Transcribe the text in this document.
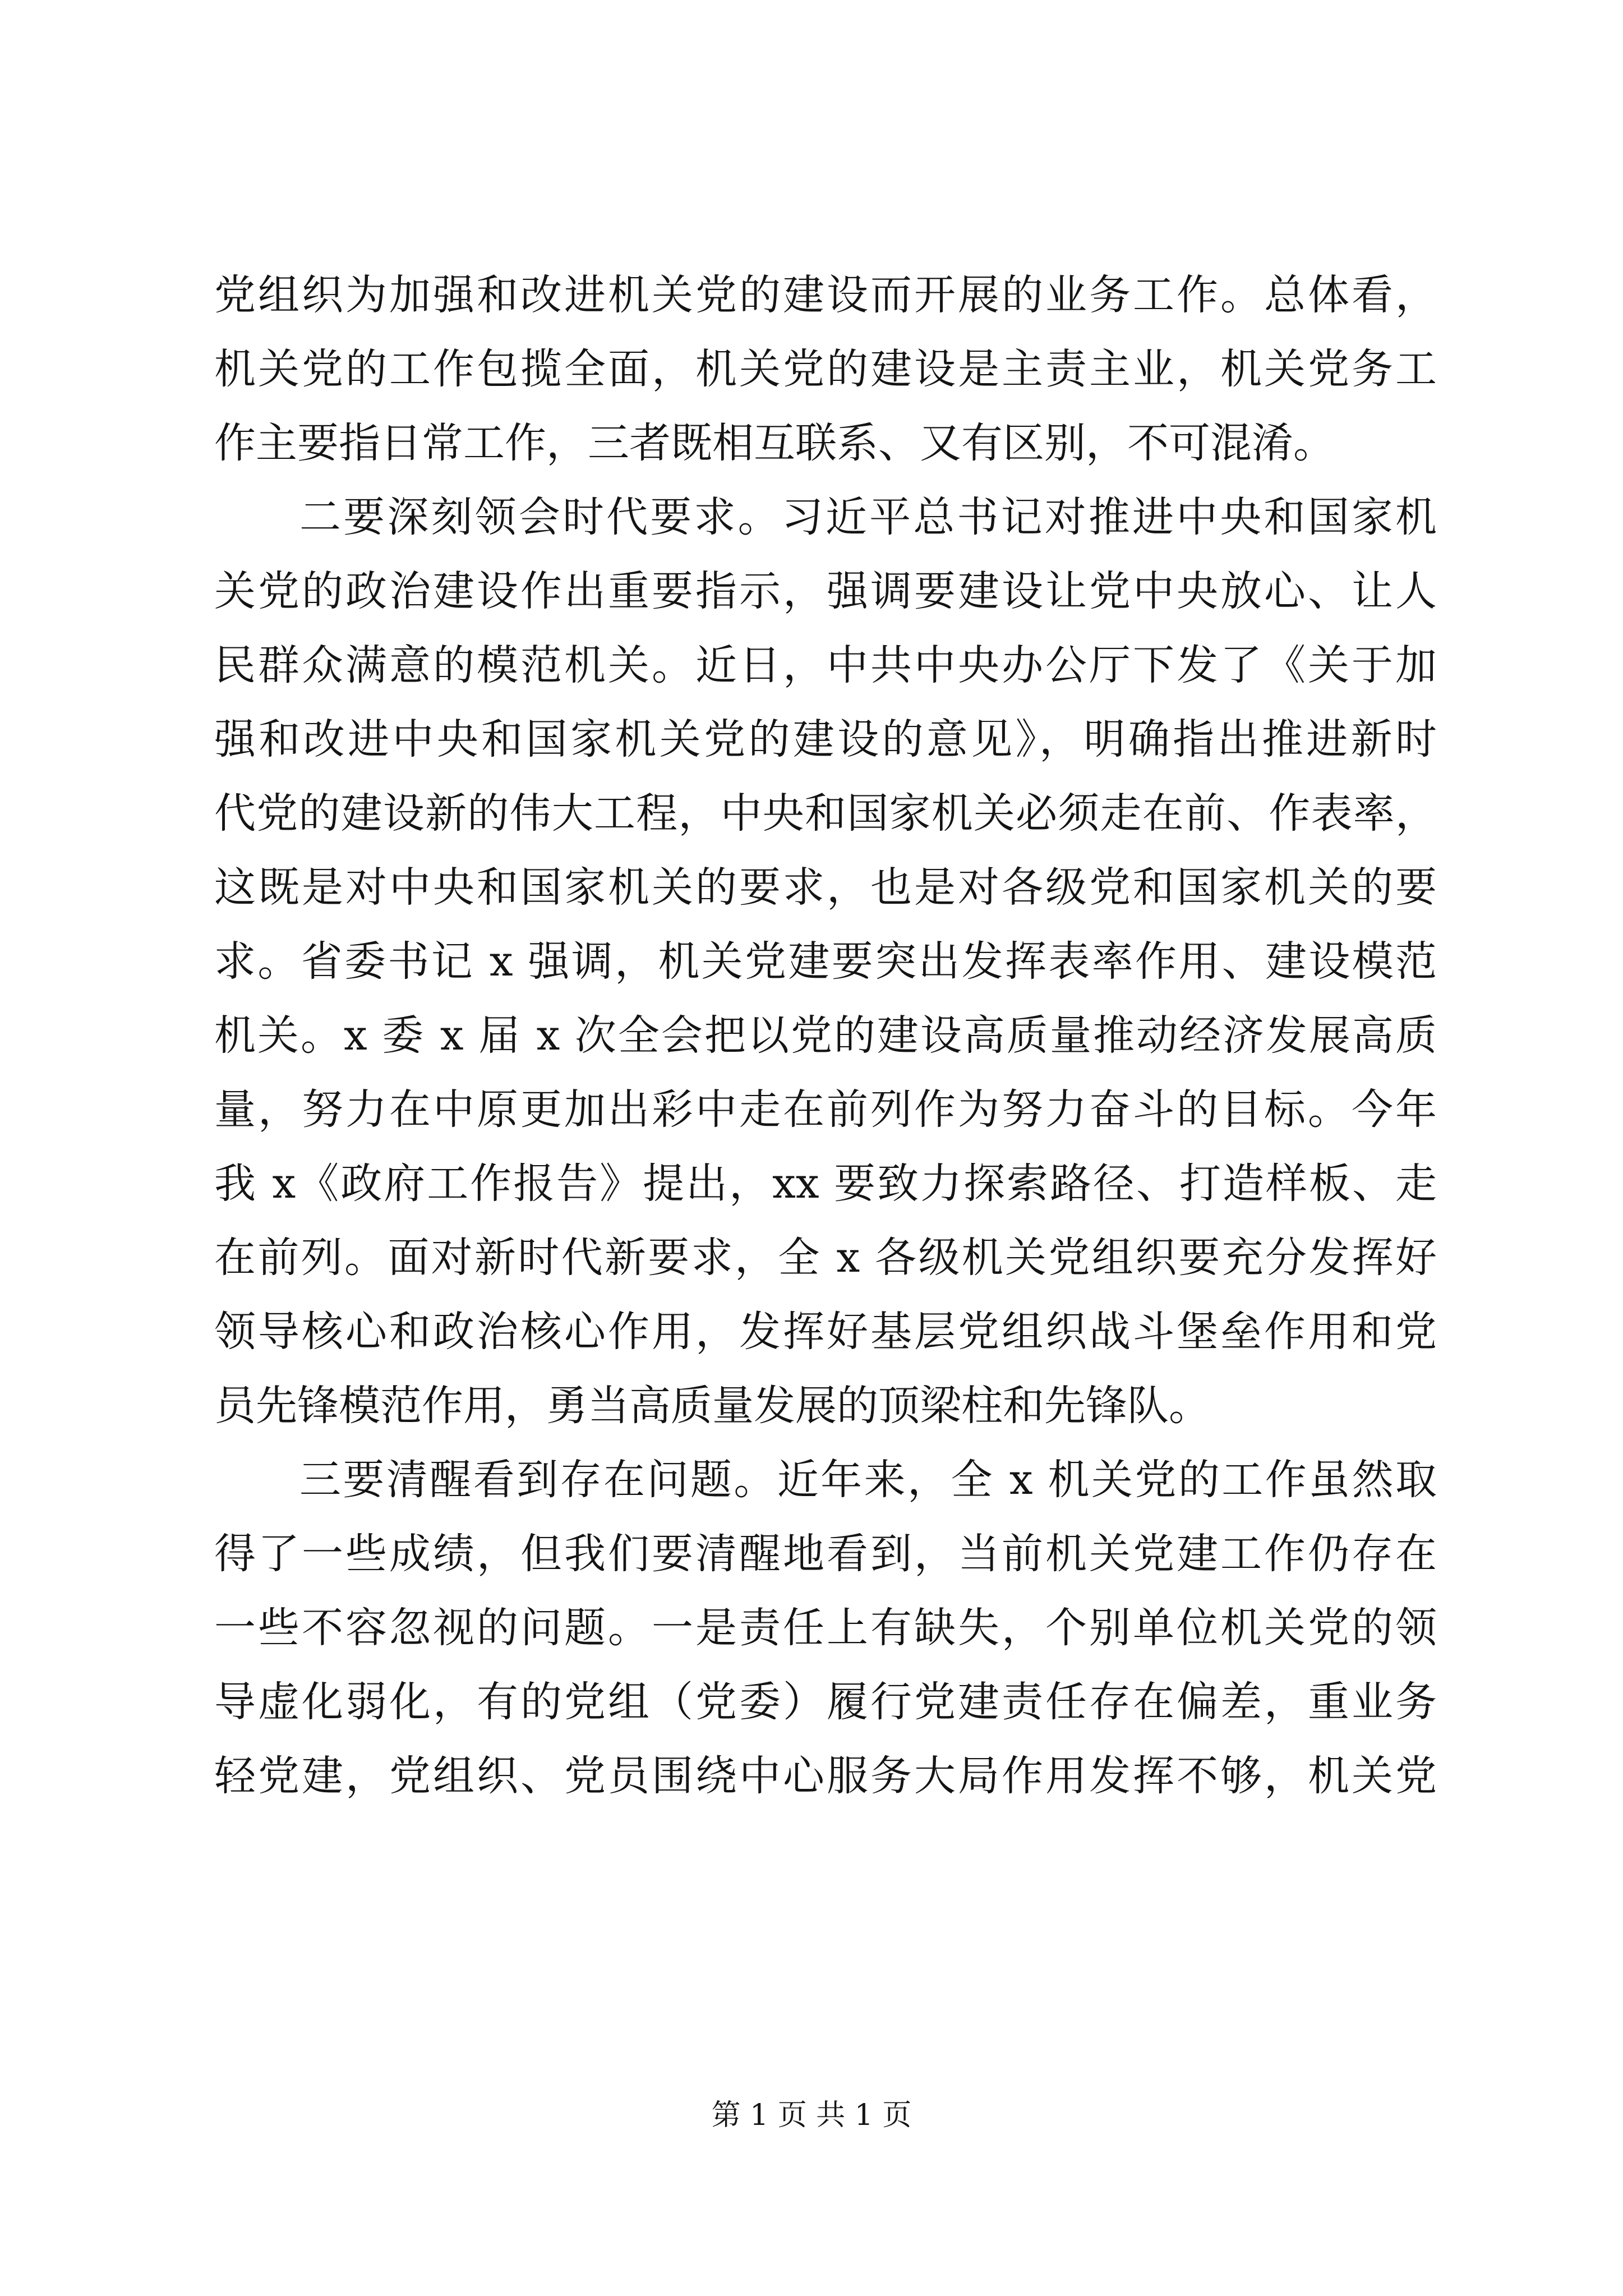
党组织为加强和改进机关党的建设而开展的业务工作。总体看，
机关党的工作包揽全面，机关党的建设是主责主业，机关党务工
作主要指日常工作，三者既相互联系、又有区别，不可混淆。
二要深刻领会时代要求。习近平总书记对推进中央和国家机
关党的政治建设作出重要指示，强调要建设让党中央放心、让人
民群众满意的模范机关。近日，中共中央办公厅下发了《关于加
强和改进中央和国家机关党的建设的意见》，明确指出推进新时
代党的建设新的伟大工程，中央和国家机关必须走在前、作表率，
这既是对中央和国家机关的要求，也是对各级党和国家机关的要
求。省委书记 x 强调，机关党建要突出发挥表率作用、建设模范
机关。x 委 x 届 x 次全会把以党的建设高质量推动经济发展高质
量，努力在中原更加出彩中走在前列作为努力奋斗的目标。今年
我 x《政府工作报告》提出，xx 要致力探索路径、打造样板、走
在前列。面对新时代新要求，全 x 各级机关党组织要充分发挥好
领导核心和政治核心作用，发挥好基层党组织战斗堡垒作用和党
员先锋模范作用，勇当高质量发展的顶梁柱和先锋队。
三要清醒看到存在问题。近年来，全 x 机关党的工作虽然取
得了一些成绩，但我们要清醒地看到，当前机关党建工作仍存在
一些不容忽视的问题。一是责任上有缺失，个别单位机关党的领
导虚化弱化，有的党组（党委）履行党建责任存在偏差，重业务
轻党建，党组织、党员围绕中心服务大局作用发挥不够，机关党
第 1 页 共 1 页
